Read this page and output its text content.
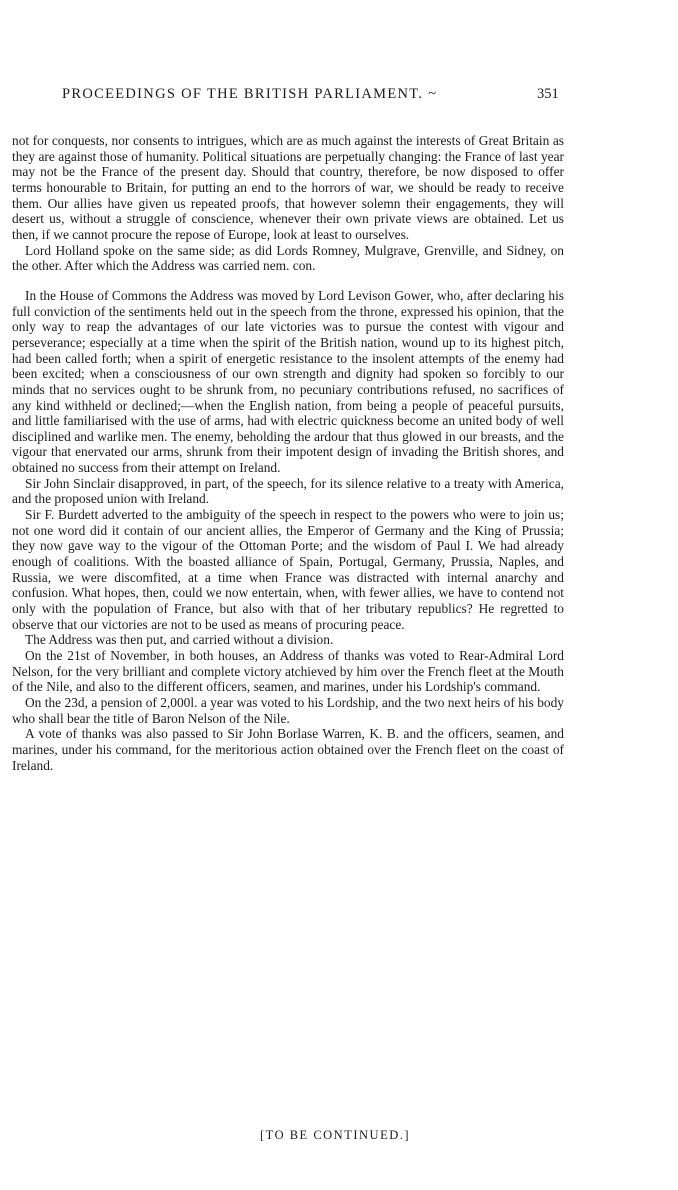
PROCEEDINGS OF THE BRITISH PARLIAMENT. ~	351

not for conquests, nor consents to intrigues, which are as much against the interests of Great Britain as they are against those of humanity. Political situations are perpetually changing: the France of last year may not be the France of the present day. Should that country, therefore, be now disposed to offer terms honourable to Britain, for putting an end to the horrors of war, we should be ready to receive them. Our allies have given us repeated proofs, that however solemn their engagements, they will desert us, without a struggle of conscience, whenever their own private views are obtained. Let us then, if we cannot procure the repose of Europe, look at least to ourselves.

Lord Holland spoke on the same side; as did Lords Romney, Mulgrave, Grenville, and Sidney, on the other. After which the Address was carried nem. con.

In the House of Commons the Address was moved by Lord Levison Gower, who, after declaring his full conviction of the sentiments held out in the speech from the throne, expressed his opinion, that the only way to reap the advantages of our late victories was to pursue the contest with vigour and perseverance; especially at a time when the spirit of the British nation, wound up to its highest pitch, had been called forth; when a spirit of energetic resistance to the insolent attempts of the enemy had been excited; when a consciousness of our own strength and dignity had spoken so forcibly to our minds that no services ought to be shrunk from, no pecuniary contributions refused, no sacrifices of any kind withheld or declined;—when the English nation, from being a people of peaceful pursuits, and little familiarised with the use of arms, had with electric quickness become an united body of well disciplined and warlike men. The enemy, beholding the ardour that thus glowed in our breasts, and the vigour that enervated our arms, shrunk from their impotent design of invading the British shores, and obtained no success from their attempt on Ireland.

Sir John Sinclair disapproved, in part, of the speech, for its silence relative to a treaty with America, and the proposed union with Ireland.

Sir F. Burdett adverted to the ambiguity of the speech in respect to the powers who were to join us; not one word did it contain of our ancient allies, the Emperor of Germany and the King of Prussia; they now gave way to the vigour of the Ottoman Porte; and the wisdom of Paul I. We had already enough of coalitions. With the boasted alliance of Spain, Portugal, Germany, Prussia, Naples, and Russia, we were discomfited, at a time when France was distracted with internal anarchy and confusion. What hopes, then, could we now entertain, when, with fewer allies, we have to contend not only with the population of France, but also with that of her tributary republics? He regretted to observe that our victories are not to be used as means of procuring peace.

The Address was then put, and carried without a division.

On the 21st of November, in both houses, an Address of thanks was voted to Rear-Admiral Lord Nelson, for the very brilliant and complete victory atchieved by him over the French fleet at the Mouth of the Nile, and also to the different officers, seamen, and marines, under his Lordship's command.

On the 23d, a pension of 2,000l. a year was voted to his Lordship, and the two next heirs of his body who shall bear the title of Baron Nelson of the Nile.

A vote of thanks was also passed to Sir John Borlase Warren, K. B. and the officers, seamen, and marines, under his command, for the meritorious action obtained over the French fleet on the coast of Ireland.

[TO BE CONTINUED.]
